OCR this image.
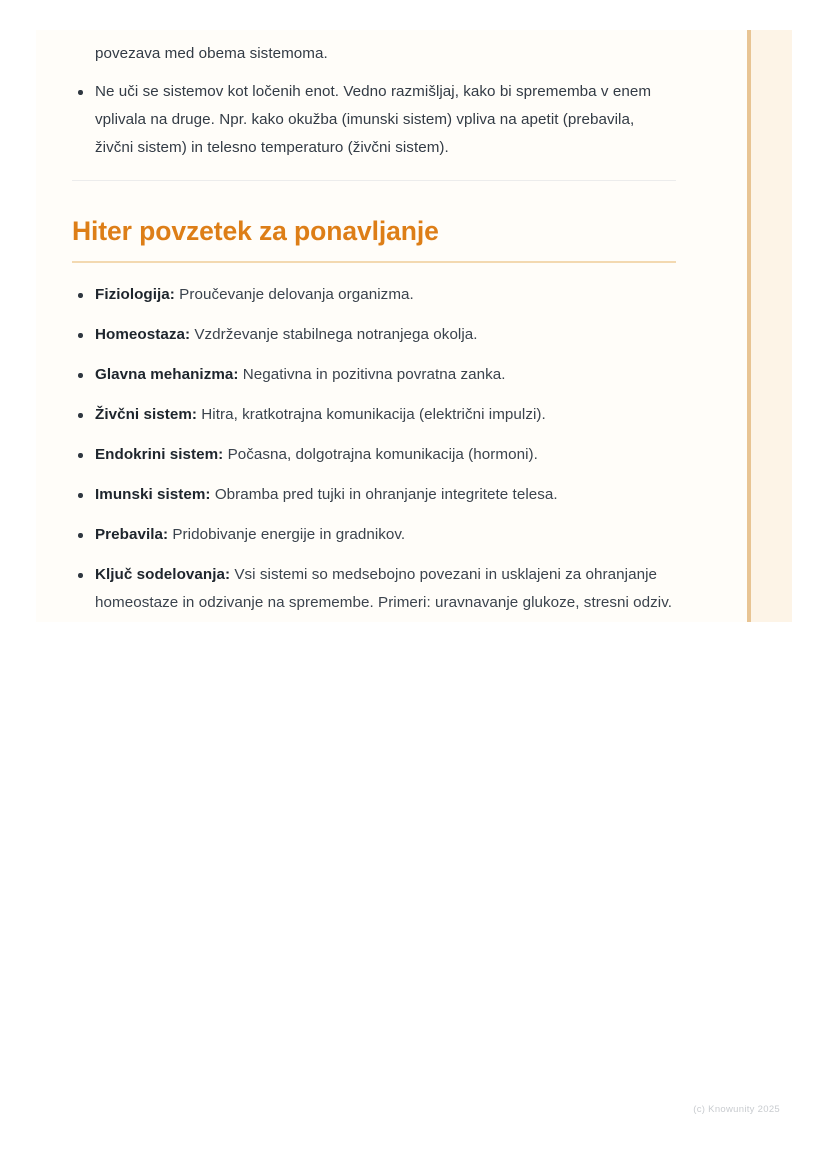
povezava med obema sistemoma.

Ne uči se sistemov kot ločenih enot. Vedno razmišljaj, kako bi sprememba v enem vplivala na druge. Npr. kako okužba (imunski sistem) vpliva na apetit (prebavila, živčni sistem) in telesno temperaturo (živčni sistem).
Hiter povzetek za ponavljanje
Fiziologija: Proučevanje delovanja organizma.
Homeostaza: Vzdrževanje stabilnega notranjega okolja.
Glavna mehanizma: Negativna in pozitivna povratna zanka.
Živčni sistem: Hitra, kratkotrajna komunikacija (električni impulzi).
Endokrini sistem: Počasna, dolgotrajna komunikacija (hormoni).
Imunski sistem: Obramba pred tujki in ohranjanje integritete telesa.
Prebavila: Pridobivanje energije in gradnikov.
Ključ sodelovanja: Vsi sistemi so medsebojno povezani in usklajeni za ohranjanje homeostaze in odzivanje na spremembe. Primeri: uravnavanje glukoze, stresni odziv.
(c) Knowunity 2025
